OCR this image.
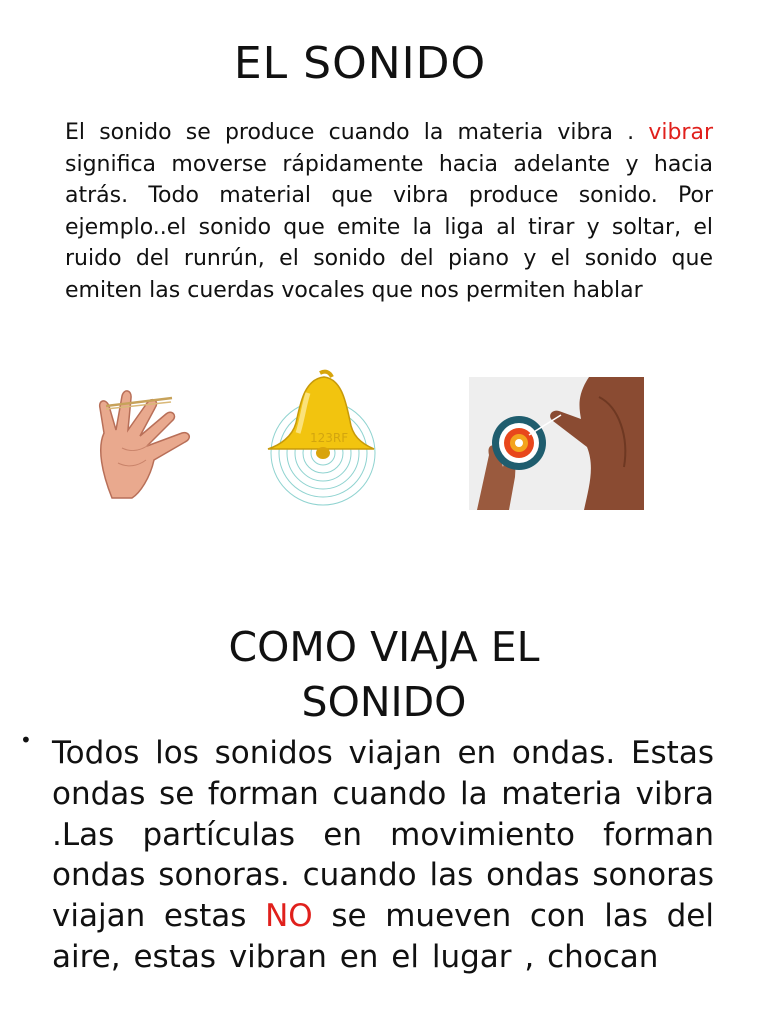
EL SONIDO

El sonido se produce cuando la materia vibra . vibrar significa moverse rápidamente hacia adelante y hacia atrás. Todo material que vibra produce sonido. Por ejemplo..el sonido que emite la liga al tirar y soltar, el ruido del runrún, el sonido del piano y el sonido que emiten las cuerdas vocales que nos permiten hablar

123RF
COMO VIAJA EL
SONIDO
• Todos los sonidos viajan en ondas. Estas ondas se forman cuando la materia vibra .Las partículas en movimiento forman ondas sonoras. cuando las ondas sonoras viajan estas NO se mueven con las del aire, estas vibran en el lugar , chocan
